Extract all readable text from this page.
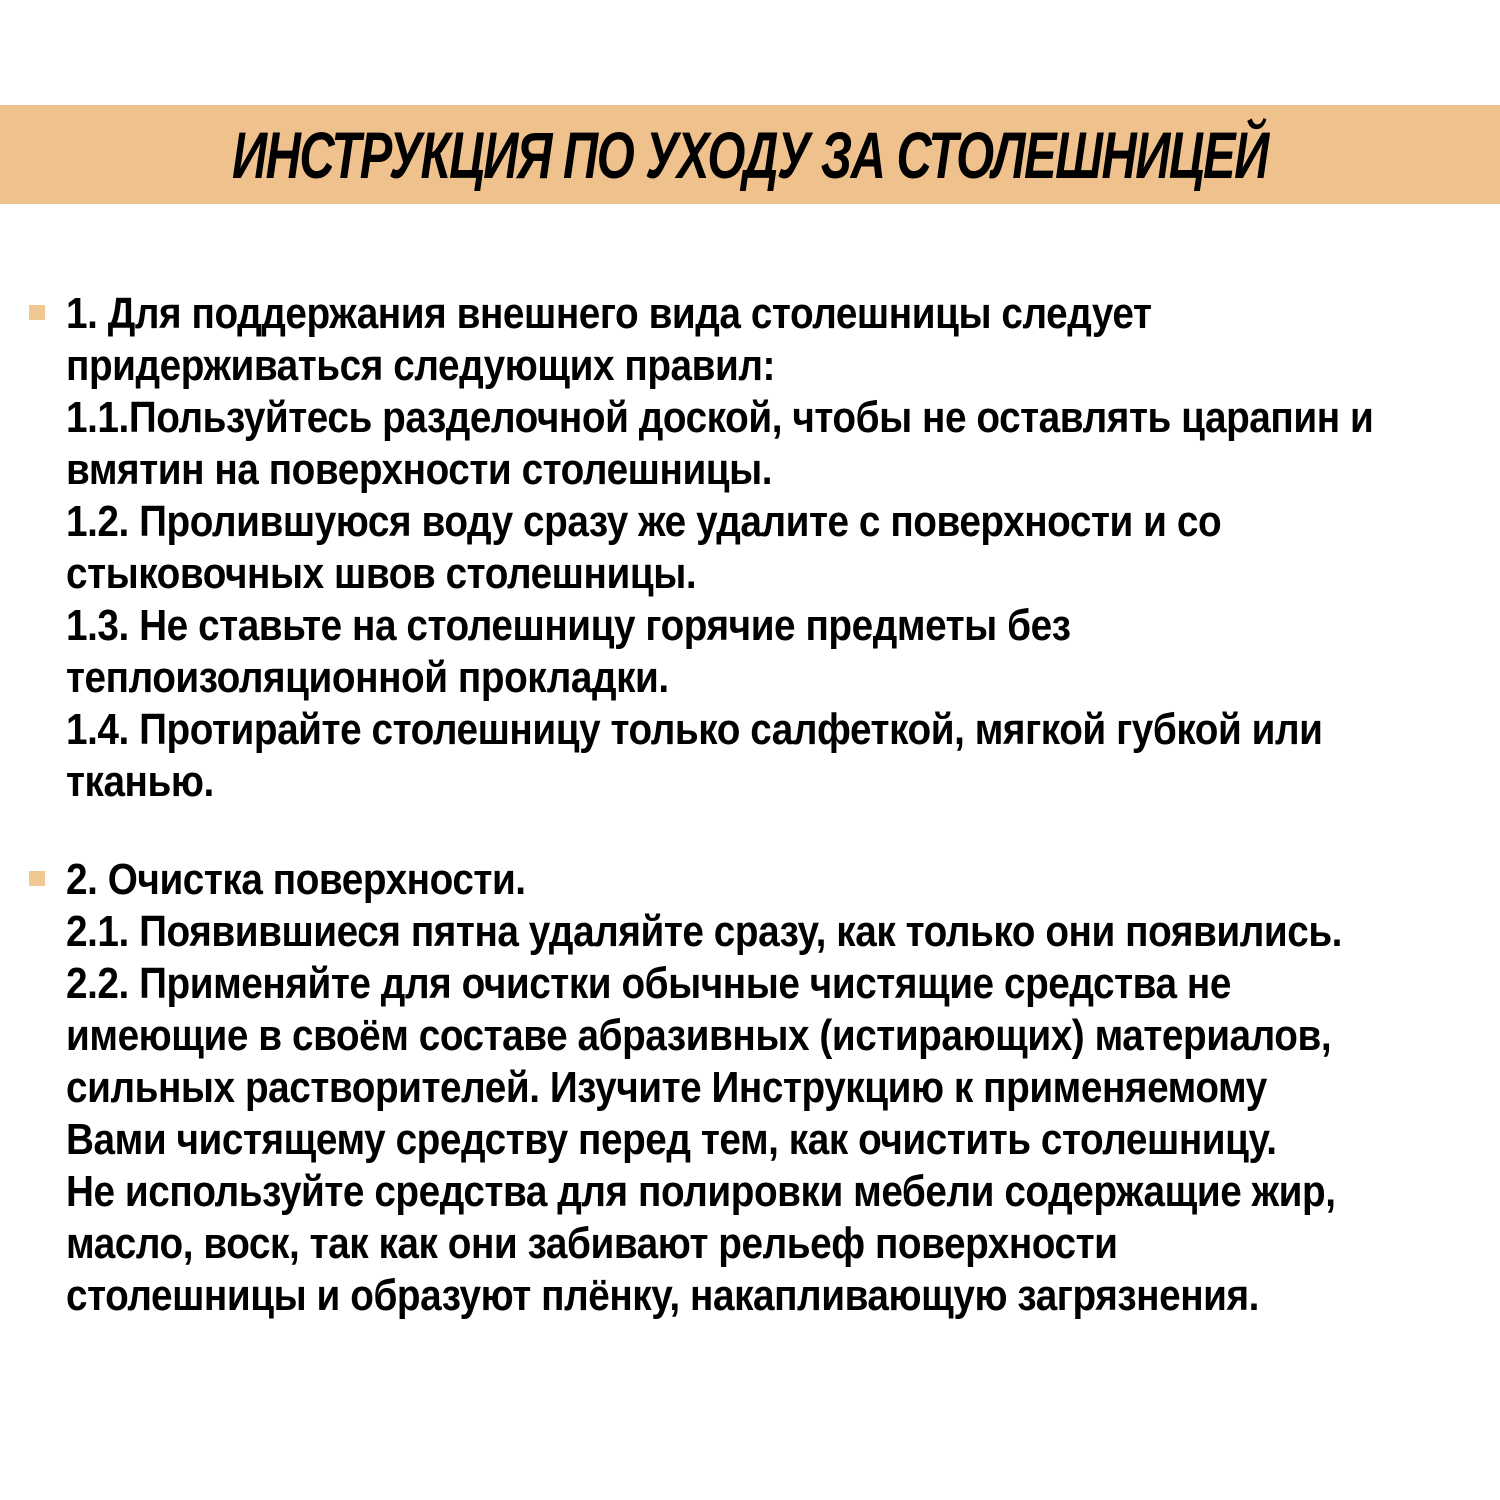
ИНСТРУКЦИЯ ПО УХОДУ ЗА СТОЛЕШНИЦЕЙ
1. Для поддержания внешнего вида столешницы следует
придерживаться следующих правил:
1.1.Пользуйтесь разделочной доской, чтобы не оставлять царапин и
вмятин на поверхности столешницы.
1.2. Пролившуюся воду сразу же удалите с поверхности и со
стыковочных швов столешницы.
1.3. Не ставьте на столешницу горячие предметы без
теплоизоляционной прокладки.
1.4. Протирайте столешницу только салфеткой, мягкой губкой или
тканью.
2. Очистка поверхности.
2.1. Появившиеся пятна удаляйте сразу, как только они появились.
2.2. Применяйте для очистки обычные чистящие средства не
имеющие в своём составе абразивных (истирающих) материалов,
сильных растворителей. Изучите Инструкцию к применяемому
Вами чистящему средству перед тем, как очистить столешницу.
Не используйте средства для полировки мебели содержащие жир,
масло, воск, так как они забивают рельеф поверхности
столешницы и образуют плёнку, накапливающую загрязнения.
